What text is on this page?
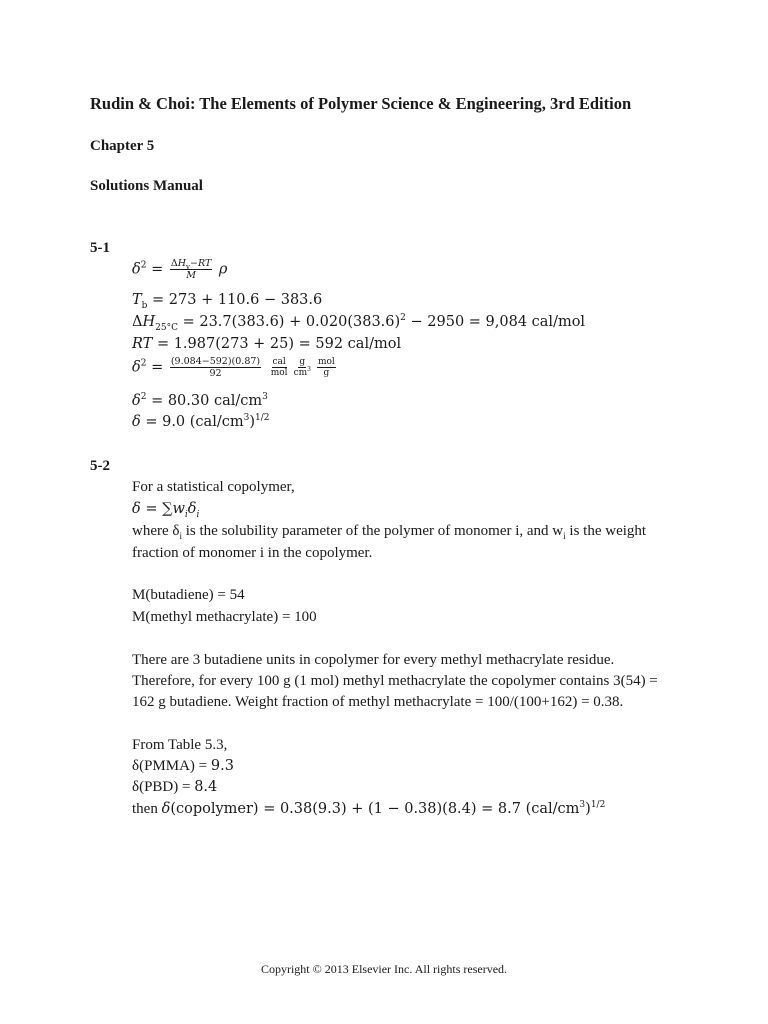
Rudin & Choi: The Elements of Polymer Science & Engineering, 3rd Edition
Chapter 5
Solutions Manual
5-1
$\delta^2 = \frac{\Delta H_v-RT}{M}$ ρ
$T_b = 273 + 110.6 - 383.6$
$\Delta H_{25^\circ C} = 23.7(383.6) + 0.020(383.6)^2 - 2950 = 9,084$ cal/mol
RT = 1.987(273 + 25) = 592 cal/mol
$\delta^2 = \frac{(9.084-592)(0.87)}{92}$
$\frac{\text{cal}}{\text{mol}} \frac{g}{cm^3} \frac{\text{mol}}{g}$
$\delta^2 = 80.30$ cal/$cm^3$
δ = 9.0 $(cal/cm^3)^{1/2}$
5-2
For a statistical copolymer,
$\delta = \sum w_i\delta_i$
where $\delta_i$ is the solubility parameter of the polymer of monomer i, and $w_i$ is the weight
fraction of monomer i in the copolymer.
M(butadiene) = 54
M(methyl methacrylate) = 100
There are 3 butadiene units in copolymer for every methyl methacrylate residue.
Therefore, for every 100 g (1 mol) methyl methacrylate the copolymer contains 3(54) =
162 g butadiene. Weight fraction of methyl methacrylate = 100/(100+162) = 0.38.
From Table 5.3,
δ(PMMA) = 9.3
δ(PBD) = 8.4
then δ(copolymer) = 0.38(9.3) + (1 − 0.38)(8.4) = 8.7 $(cal/cm^3)^{1/2}$
Copyright © 2013 Elsevier Inc. All rights reserved.
